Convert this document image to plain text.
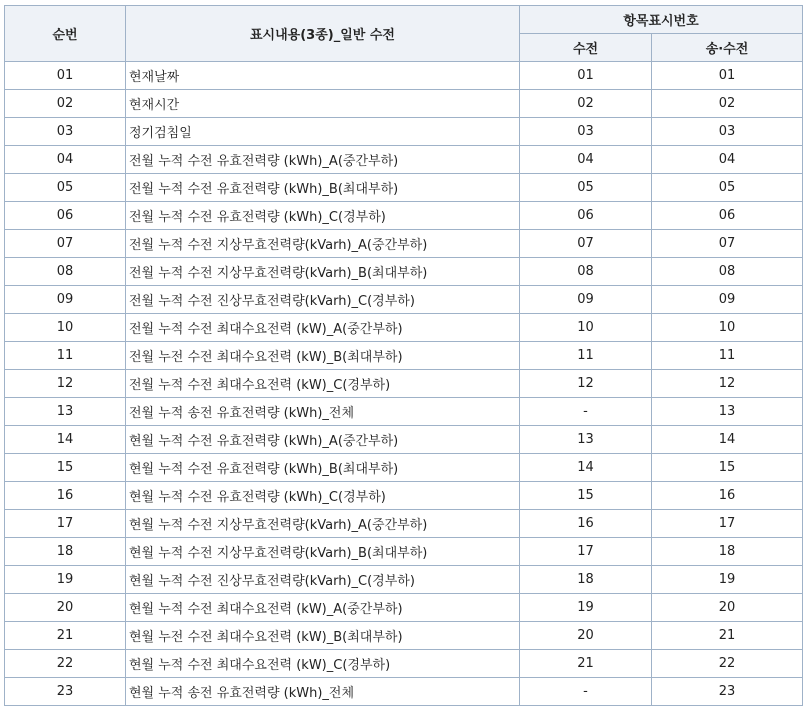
순번	표시내용(3종)_일반 수전	항목표시번호	
		수전	송·수전
01	현재날짜	01	01
02	현재시간	02	02
03	정기검침일	03	03
04	전월 누적 수전 유효전력량 (kWh)_A(중간부하)	04	04
05	전월 누적 수전 유효전력량 (kWh)_B(최대부하)	05	05
06	전월 누적 수전 유효전력량 (kWh)_C(경부하)	06	06
07	전월 누적 수전 지상무효전력량(kVarh)_A(중간부하)	07	07
08	전월 누적 수전 지상무효전력량(kVarh)_B(최대부하)	08	08
09	전월 누적 수전 진상무효전력량(kVarh)_C(경부하)	09	09
10	전월 누적 수전 최대수요전력 (kW)_A(중간부하)	10	10
11	전월 누전 수전 최대수요전력 (kW)_B(최대부하)	11	11
12	전월 누적 수전 최대수요전력 (kW)_C(경부하)	12	12
13	전월 누적 송전 유효전력량 (kWh)_전체	-	13
14	현월 누적 수전 유효전력량 (kWh)_A(중간부하)	13	14
15	현월 누적 수전 유효전력량 (kWh)_B(최대부하)	14	15
16	현월 누적 수전 유효전력량 (kWh)_C(경부하)	15	16
17	현월 누적 수전 지상무효전력량(kVarh)_A(중간부하)	16	17
18	현월 누적 수전 지상무효전력량(kVarh)_B(최대부하)	17	18
19	현월 누적 수전 진상무효전력량(kVarh)_C(경부하)	18	19
20	현월 누적 수전 최대수요전력 (kW)_A(중간부하)	19	20
21	현월 누전 수전 최대수요전력 (kW)_B(최대부하)	20	21
22	현월 누적 수전 최대수요전력 (kW)_C(경부하)	21	22
23	현월 누적 송전 유효전력량 (kWh)_전체	-	23
